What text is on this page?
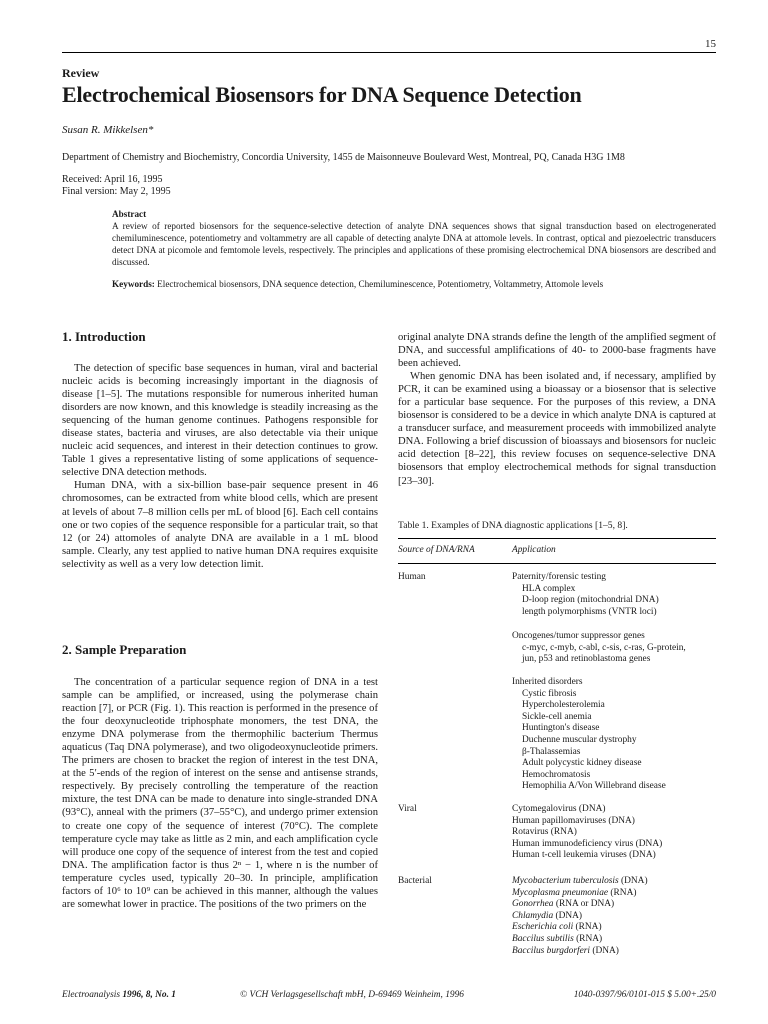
15
Review
Electrochemical Biosensors for DNA Sequence Detection
Susan R. Mikkelsen*
Department of Chemistry and Biochemistry, Concordia University, 1455 de Maisonneuve Boulevard West, Montreal, PQ, Canada H3G 1M8
Received: April 16, 1995
Final version: May 2, 1995
Abstract
A review of reported biosensors for the sequence-selective detection of analyte DNA sequences shows that signal transduction based on electrogenerated chemiluminescence, potentiometry and voltammetry are all capable of detecting analyte DNA at attomole levels. In contrast, optical and piezoelectric transducers detect DNA at picomole and femtomole levels, respectively. The principles and applications of these promising electrochemical DNA biosensors are described and discussed.
Keywords: Electrochemical biosensors, DNA sequence detection, Chemiluminescence, Potentiometry, Voltammetry, Attomole levels
1. Introduction

The detection of specific base sequences in human, viral and bacterial nucleic acids is becoming increasingly important in the diagnosis of disease [1–5]. The mutations responsible for numerous inherited human disorders are now known, and this knowledge is steadily increasing as the sequencing of the human genome continues. Pathogens responsible for disease states, bacteria and viruses, are also detectable via their unique nucleic acid sequences, and interest in their detection continues to grow. Table 1 gives a representative listing of some applications of sequence-selective DNA detection methods.

Human DNA, with a six-billion base-pair sequence present in 46 chromosomes, can be extracted from white blood cells, which are present at levels of about 7–8 million cells per mL of blood [6]. Each cell contains one or two copies of the sequence responsible for a particular trait, so that 12 (or 24) attomoles of analyte DNA are available in a 1 mL blood sample. Clearly, any test applied to native human DNA requires exquisite selectivity as well as a very low detection limit.

2. Sample Preparation

The concentration of a particular sequence region of DNA in a test sample can be amplified, or increased, using the polymerase chain reaction [7], or PCR (Fig. 1). This reaction is performed in the presence of the four deoxynucleotide triphosphate monomers, the test DNA, the enzyme DNA polymerase from the thermophilic bacterium Thermus aquaticus (Taq DNA polymerase), and two oligodeoxynucleotide primers. The primers are chosen to bracket the region of interest in the test DNA, at the 5′-ends of the region of interest on the sense and antisense strands, respectively. By precisely controlling the temperature of the reaction mixture, the test DNA can be made to denature into single-stranded DNA (93°C), anneal with the primers (37–55°C), and undergo primer extension to create one copy of the sequence of interest (70°C). The complete temperature cycle may take as little as 2 min, and each amplification cycle will produce one copy of the sequence of interest from the test and copied DNA. The amplification factor is thus 2ⁿ − 1, where n is the number of temperature cycles used, typically 20–30. In principle, amplification factors of 10⁶ to 10⁹ can be achieved in this manner, although the values are somewhat lower in practice. The positions of the two primers on the

original analyte DNA strands define the length of the amplified segment of DNA, and successful amplifications of 40- to 2000-base fragments have been achieved.

When genomic DNA has been isolated and, if necessary, amplified by PCR, it can be examined using a bioassay or a biosensor that is selective for a particular base sequence. For the purposes of this review, a DNA biosensor is considered to be a device in which analyte DNA is captured at a transducer surface, and measurement proceeds with immobilized analyte DNA. Following a brief discussion of bioassays and biosensors for nucleic acid detection [8–22], this review focuses on sequence-selective DNA biosensors that employ electrochemical methods for signal transduction [23–30].

Table 1. Examples of DNA diagnostic applications [1–5, 8].
Source of DNA/RNA	Application
Human	Paternity/forensic testing
HLA complex
D-loop region (mitochondrial DNA)
length polymorphisms (VNTR loci)
Oncogenes/tumor suppressor genes
c-myc, c-myb, c-abl, c-sis, c-ras, G-protein,
jun, p53 and retinoblastoma genes
Inherited disorders
Cystic fibrosis
Hypercholesterolemia
Sickle-cell anemia
Huntington's disease
Duchenne muscular dystrophy
β-Thalassemias
Adult polycystic kidney disease
Hemochromatosis
Hemophilia A/Von Willebrand disease
Viral	Cytomegalovirus (DNA)
Human papillomaviruses (DNA)
Rotavirus (RNA)
Human immunodeficiency virus (DNA)
Human t-cell leukemia viruses (DNA)
Bacterial	Mycobacterium tuberculosis (DNA)
Mycoplasma pneumoniae (RNA)
Gonorrhea (RNA or DNA)
Chlamydia (DNA)
Escherichia coli (RNA)
Baccilus subtilis (RNA)
Baccilus burgdorferi (DNA)
Electroanalysis 1996, 8, No. 1	© VCH Verlagsgesellschaft mbH, D-69469 Weinheim, 1996	1040-0397/96/0101-015 $ 5.00+.25/0
